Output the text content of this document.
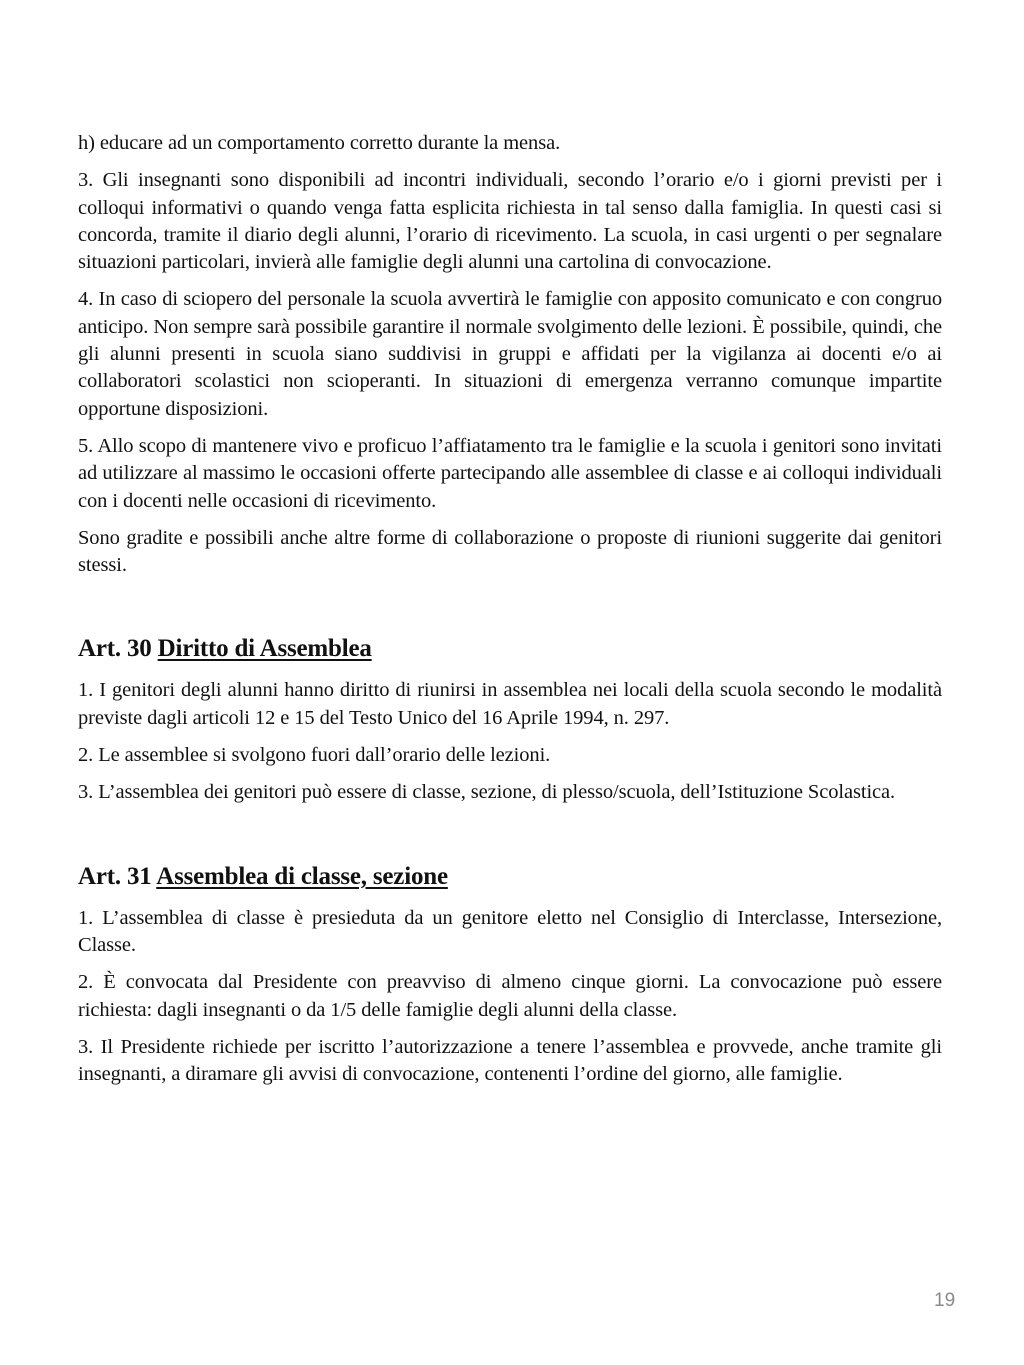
h) educare ad un comportamento corretto durante la mensa.

3. Gli insegnanti sono disponibili ad incontri individuali, secondo l’orario e/o i giorni previsti per i colloqui informativi o quando venga fatta esplicita richiesta in tal senso dalla famiglia. In questi casi si concorda, tramite il diario degli alunni, l’orario di ricevimento. La scuola, in casi urgenti o per segnalare situazioni particolari, invierà alle famiglie degli alunni una cartolina di convocazione.

4. In caso di sciopero del personale la scuola avvertirà le famiglie con apposito comunicato e con congruo anticipo. Non sempre sarà possibile garantire il normale svolgimento delle lezioni. È possibile, quindi, che gli alunni presenti in scuola siano suddivisi in gruppi e affidati per la vigilanza ai docenti e/o ai collaboratori scolastici non scioperanti. In situazioni di emergenza verranno comunque impartite opportune disposizioni.

5. Allo scopo di mantenere vivo e proficuo l’affiatamento tra le famiglie e la scuola i genitori sono invitati ad utilizzare al massimo le occasioni offerte partecipando alle assemblee di classe e ai colloqui individuali con i docenti nelle occasioni di ricevimento.

Sono gradite e possibili anche altre forme di collaborazione o proposte di riunioni suggerite dai genitori stessi.

Art. 30 Diritto di Assemblea

1. I genitori degli alunni hanno diritto di riunirsi in assemblea nei locali della scuola secondo le modalità previste dagli articoli 12 e 15 del Testo Unico del 16 Aprile 1994, n. 297.

2. Le assemblee si svolgono fuori dall’orario delle lezioni.

3. L’assemblea dei genitori può essere di classe, sezione, di plesso/scuola, dell’Istituzione Scolastica.

Art. 31 Assemblea di classe, sezione

1. L’assemblea di classe è presieduta da un genitore eletto nel Consiglio di Interclasse, Intersezione, Classe.

2. È convocata dal Presidente con preavviso di almeno cinque giorni. La convocazione può essere richiesta: dagli insegnanti o da 1/5 delle famiglie degli alunni della classe.

3. Il Presidente richiede per iscritto l’autorizzazione a tenere l’assemblea e provvede, anche tramite gli insegnanti, a diramare gli avvisi di convocazione, contenenti l’ordine del giorno, alle famiglie.

19
